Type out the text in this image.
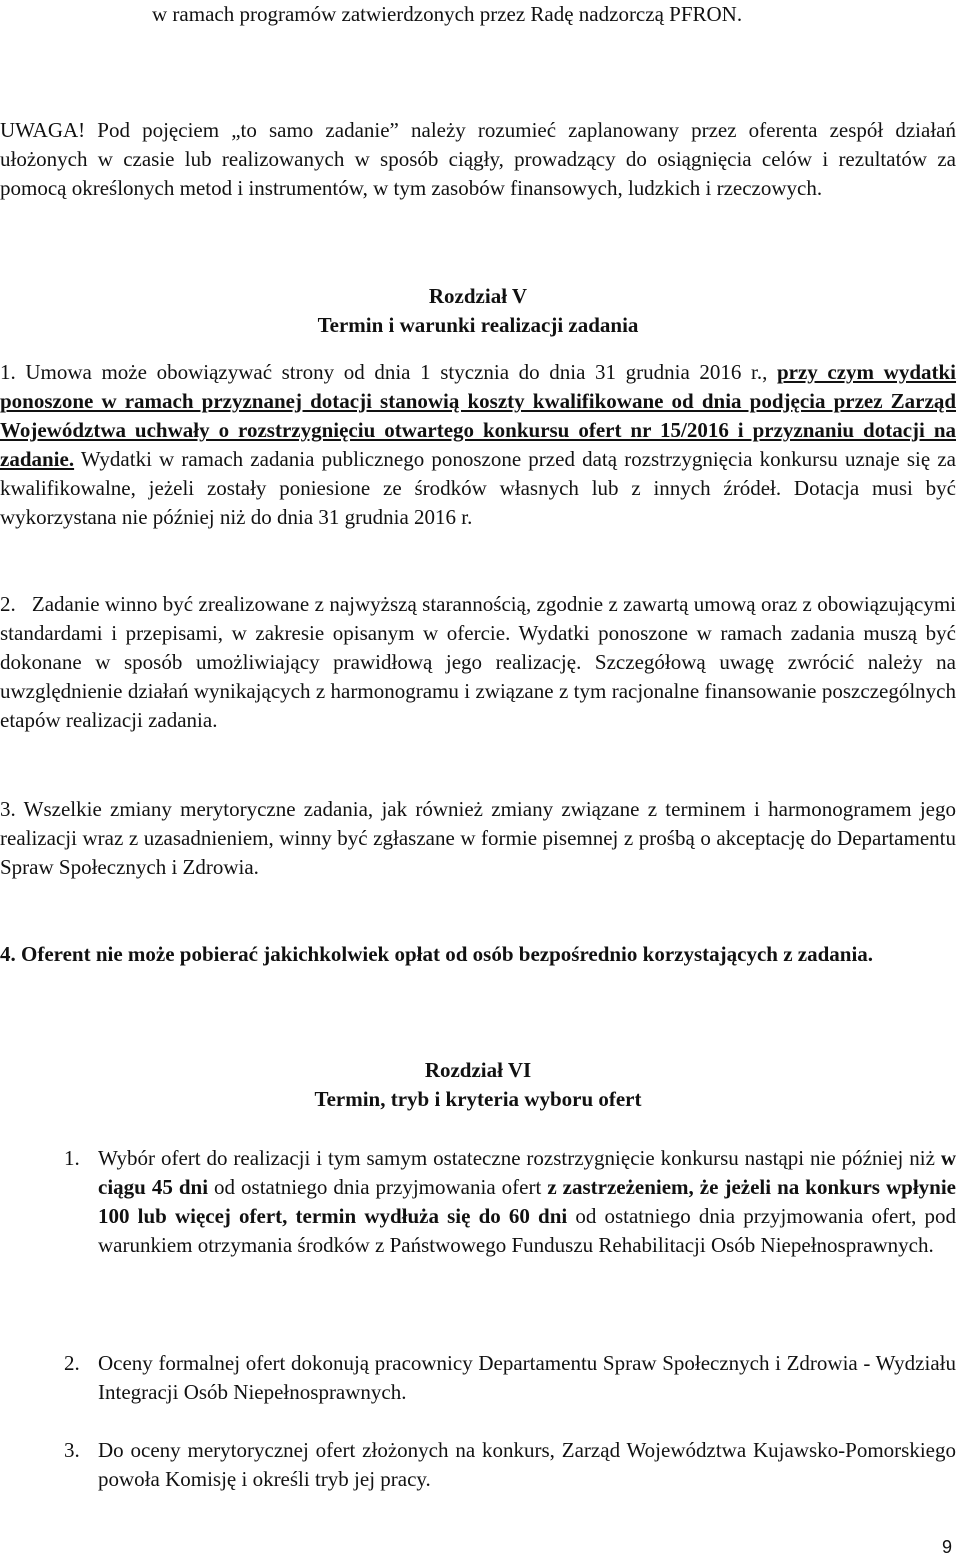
w ramach programów zatwierdzonych przez Radę nadzorczą PFRON.

UWAGA! Pod pojęciem „to samo zadanie” należy rozumieć zaplanowany przez oferenta zespół działań ułożonych w czasie lub realizowanych w sposób ciągły, prowadzący do osiągnięcia celów i rezultatów za pomocą określonych metod i instrumentów, w tym zasobów finansowych, ludzkich i rzeczowych.

Rozdział V

Termin i warunki realizacji zadania

1. Umowa może obowiązywać strony od dnia 1 stycznia do dnia 31 grudnia 2016 r., przy czym wydatki ponoszone w ramach przyznanej dotacji stanowią koszty kwalifikowane od dnia podjęcia przez Zarząd Województwa uchwały o rozstrzygnięciu otwartego konkursu ofert nr 15/2016 i przyznaniu dotacji na zadanie. Wydatki w ramach zadania publicznego ponoszone przed datą rozstrzygnięcia konkursu uznaje się za kwalifikowalne, jeżeli zostały poniesione ze środków własnych lub z innych źródeł. Dotacja musi być wykorzystana nie później niż do dnia 31 grudnia 2016 r.

2. Zadanie winno być zrealizowane z najwyższą starannością, zgodnie z zawartą umową oraz z obowiązującymi standardami i przepisami, w zakresie opisanym w ofercie. Wydatki ponoszone w ramach zadania muszą być dokonane w sposób umożliwiający prawidłową jego realizację. Szczegółową uwagę zwrócić należy na uwzględnienie działań wynikających z harmonogramu i związane z tym racjonalne finansowanie poszczególnych etapów realizacji zadania.

3. Wszelkie zmiany merytoryczne zadania, jak również zmiany związane z terminem i harmonogramem jego realizacji wraz z uzasadnieniem, winny być zgłaszane w formie pisemnej z prośbą o akceptację do Departamentu Spraw Społecznych i Zdrowia.

4. Oferent nie może pobierać jakichkolwiek opłat od osób bezpośrednio korzystających z zadania.

Rozdział VI

Termin, tryb i kryteria wyboru ofert

1. Wybór ofert do realizacji i tym samym ostateczne rozstrzygnięcie konkursu nastąpi nie później niż w ciągu 45 dni od ostatniego dnia przyjmowania ofert z zastrzeżeniem, że jeżeli na konkurs wpłynie 100 lub więcej ofert, termin wydłuża się do 60 dni od ostatniego dnia przyjmowania ofert, pod warunkiem otrzymania środków z Państwowego Funduszu Rehabilitacji Osób Niepełnosprawnych.
2. Oceny formalnej ofert dokonują pracownicy Departamentu Spraw Społecznych i Zdrowia - Wydziału Integracji Osób Niepełnosprawnych.
3. Do oceny merytorycznej ofert złożonych na konkurs, Zarząd Województwa Kujawsko-Pomorskiego powoła Komisję i określi tryb jej pracy.
9
